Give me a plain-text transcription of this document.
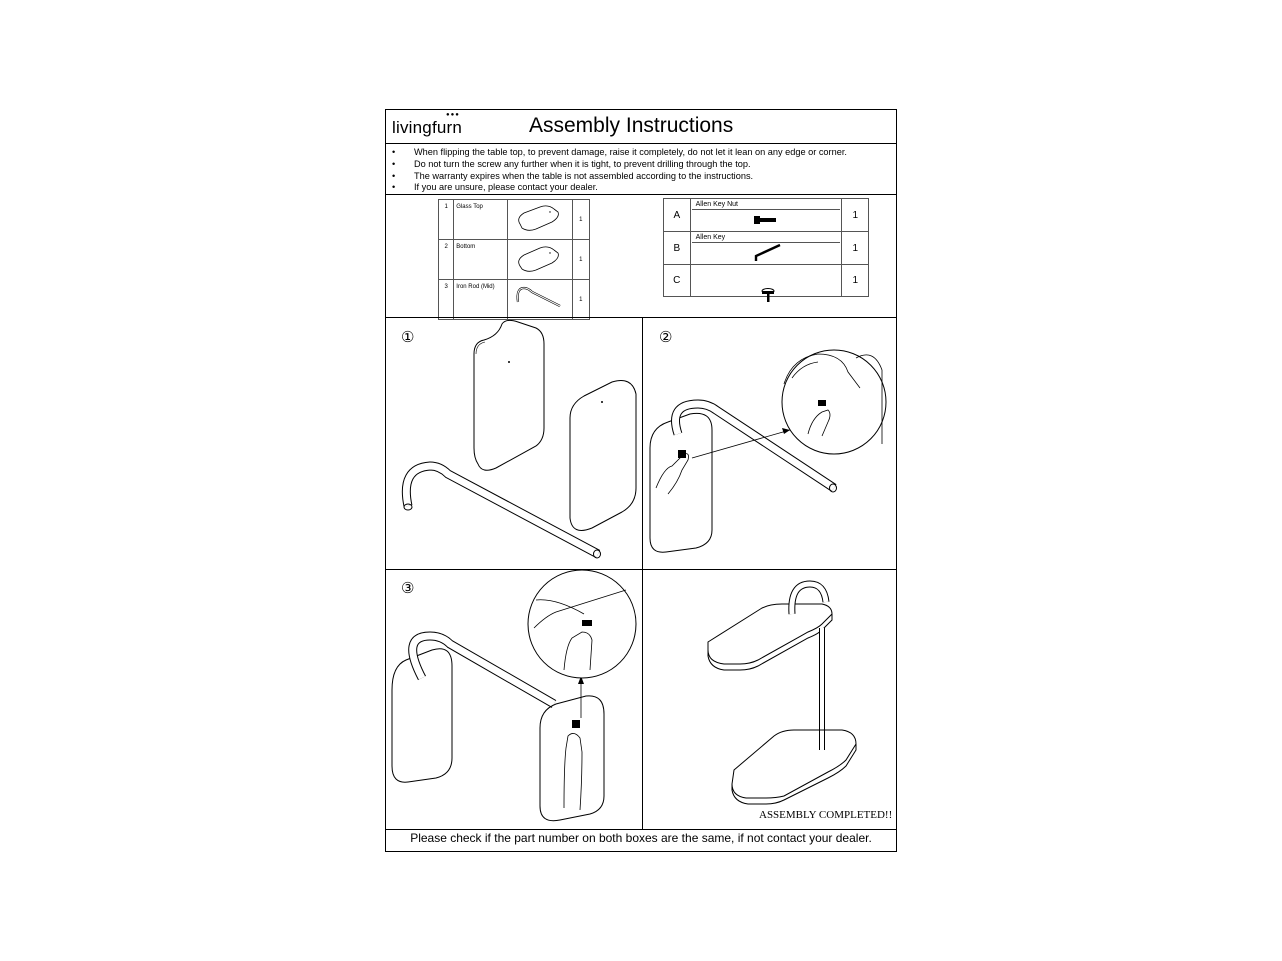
●●●
livingfurn	Assembly Instructions
• When flipping the table top, to prevent damage, raise it completely, do not let it lean on any edge or corner.
• Do not turn the screw any further when it is tight, to prevent drilling through the top.
• The warranty expires when the table is not assembled according to the instructions.
• If you are unsure, please contact your dealer.
1	Glass Top		1
2	Bottom		1
3	Iron Rod (Mid)		1
A	Allen Key Nut	1
B	Allen Key	1
C		1
①	②
③
ASSEMBLY COMPLETED!!
Please check if the part number on both boxes are the same, if not contact your dealer.
